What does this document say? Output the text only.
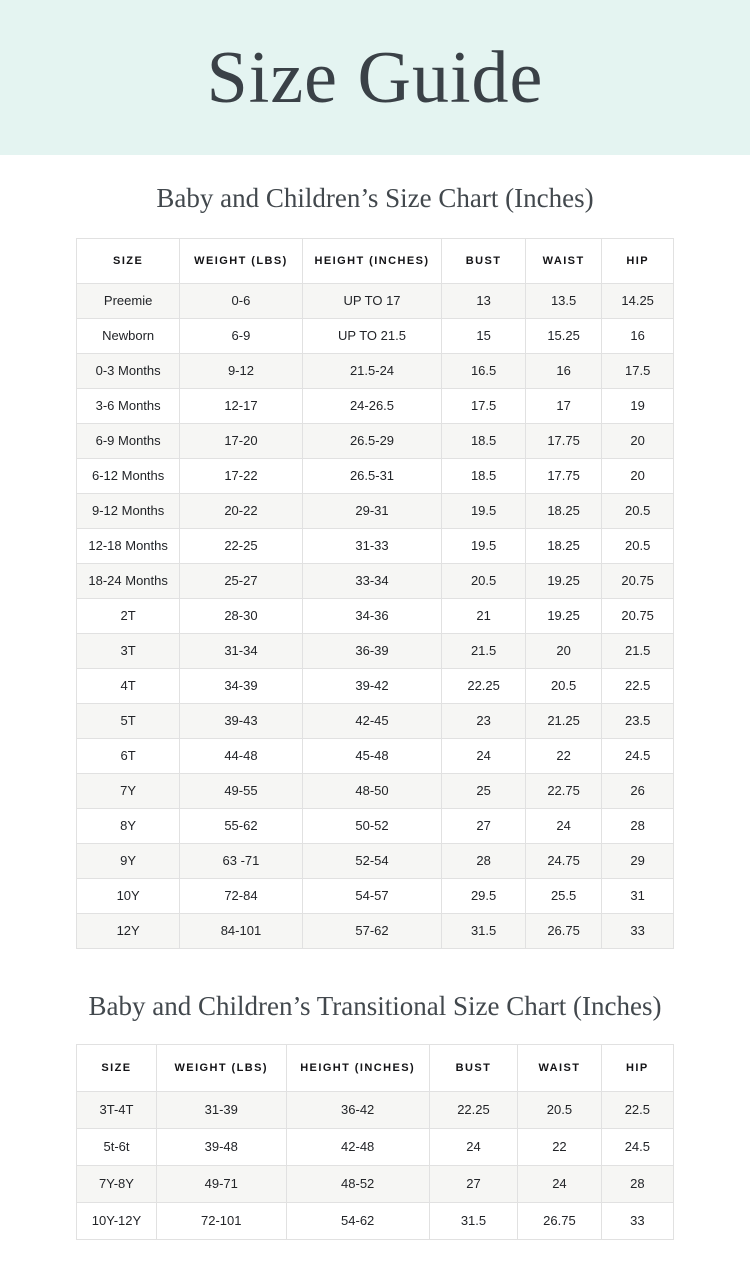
Size Guide
Baby and Children’s Size Chart (Inches)
SIZE	WEIGHT (LBS)	HEIGHT (INCHES)	BUST	WAIST	HIP
Preemie	0-6	UP TO 17	13	13.5	14.25
Newborn	6-9	UP TO 21.5	15	15.25	16
0-3 Months	9-12	21.5-24	16.5	16	17.5
3-6 Months	12-17	24-26.5	17.5	17	19
6-9 Months	17-20	26.5-29	18.5	17.75	20
6-12 Months	17-22	26.5-31	18.5	17.75	20
9-12 Months	20-22	29-31	19.5	18.25	20.5
12-18 Months	22-25	31-33	19.5	18.25	20.5
18-24 Months	25-27	33-34	20.5	19.25	20.75
2T	28-30	34-36	21	19.25	20.75
3T	31-34	36-39	21.5	20	21.5
4T	34-39	39-42	22.25	20.5	22.5
5T	39-43	42-45	23	21.25	23.5
6T	44-48	45-48	24	22	24.5
7Y	49-55	48-50	25	22.75	26
8Y	55-62	50-52	27	24	28
9Y	63 -71	52-54	28	24.75	29
10Y	72-84	54-57	29.5	25.5	31
12Y	84-101	57-62	31.5	26.75	33
Baby and Children’s Transitional Size Chart (Inches)
SIZE	WEIGHT (LBS)	HEIGHT (INCHES)	BUST	WAIST	HIP
3T-4T	31-39	36-42	22.25	20.5	22.5
5t-6t	39-48	42-48	24	22	24.5
7Y-8Y	49-71	48-52	27	24	28
10Y-12Y	72-101	54-62	31.5	26.75	33
